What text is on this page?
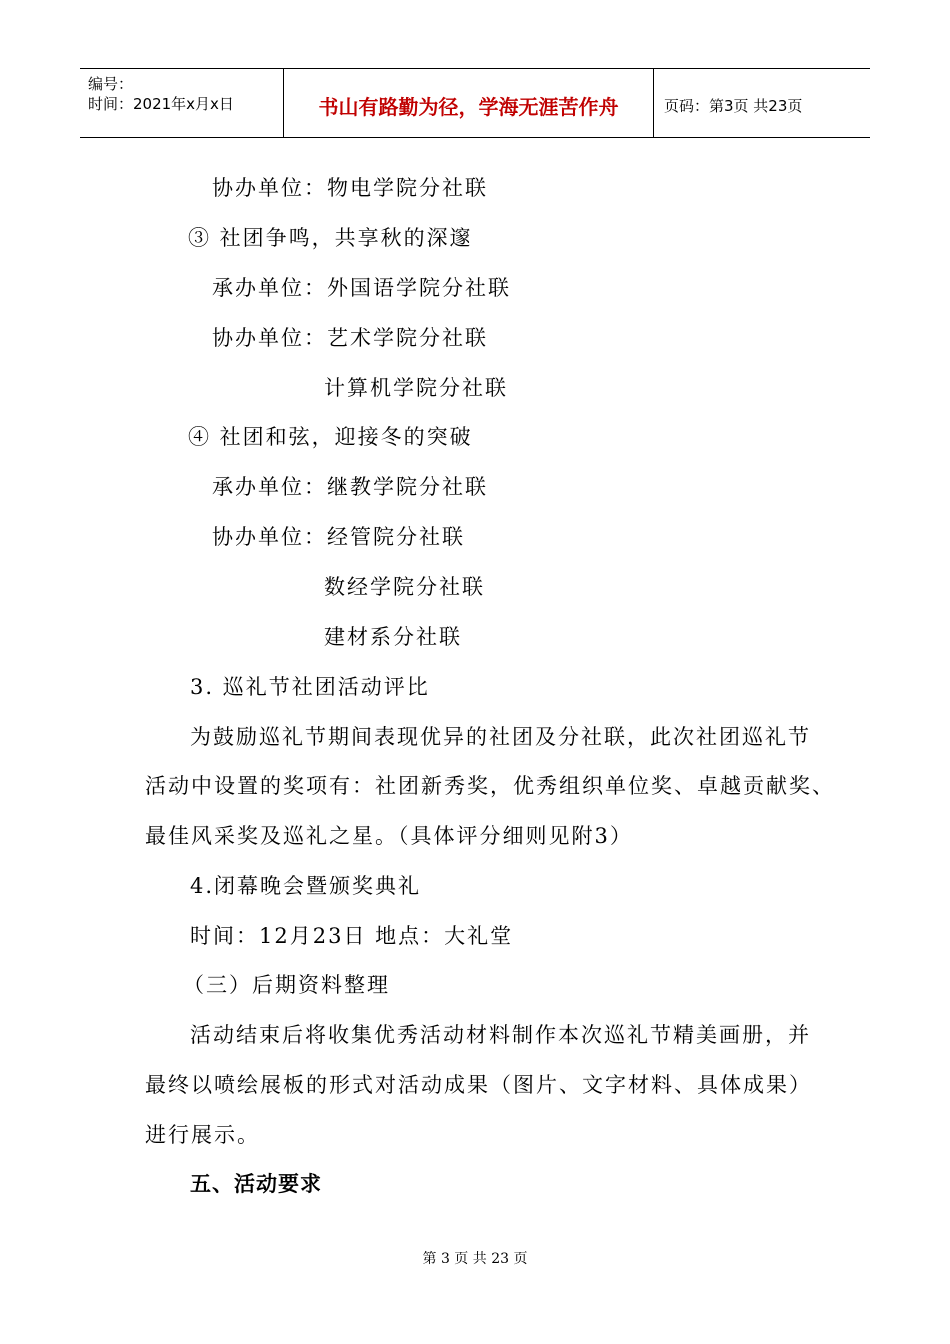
编号：
时间：2021年x月x日	书山有路勤为径，学海无涯苦作舟	页码：第3页 共23页
协办单位：物电学院分社联
③ 社团争鸣，共享秋的深邃
承办单位：外国语学院分社联
协办单位：艺术学院分社联
计算机学院分社联
④ 社团和弦，迎接冬的突破
承办单位：继教学院分社联
协办单位：经管院分社联
数经学院分社联
建材系分社联
3. 巡礼节社团活动评比
为鼓励巡礼节期间表现优异的社团及分社联，此次社团巡礼节
活动中设置的奖项有：社团新秀奖，优秀组织单位奖、卓越贡献奖、
最佳风采奖及巡礼之星。（具体评分细则见附3）
4.闭幕晚会暨颁奖典礼
时间：12月23日 地点：大礼堂
（三）后期资料整理
活动结束后将收集优秀活动材料制作本次巡礼节精美画册，并
最终以喷绘展板的形式对活动成果（图片、文字材料、具体成果）
进行展示。
五、活动要求
第 3 页 共 23 页
